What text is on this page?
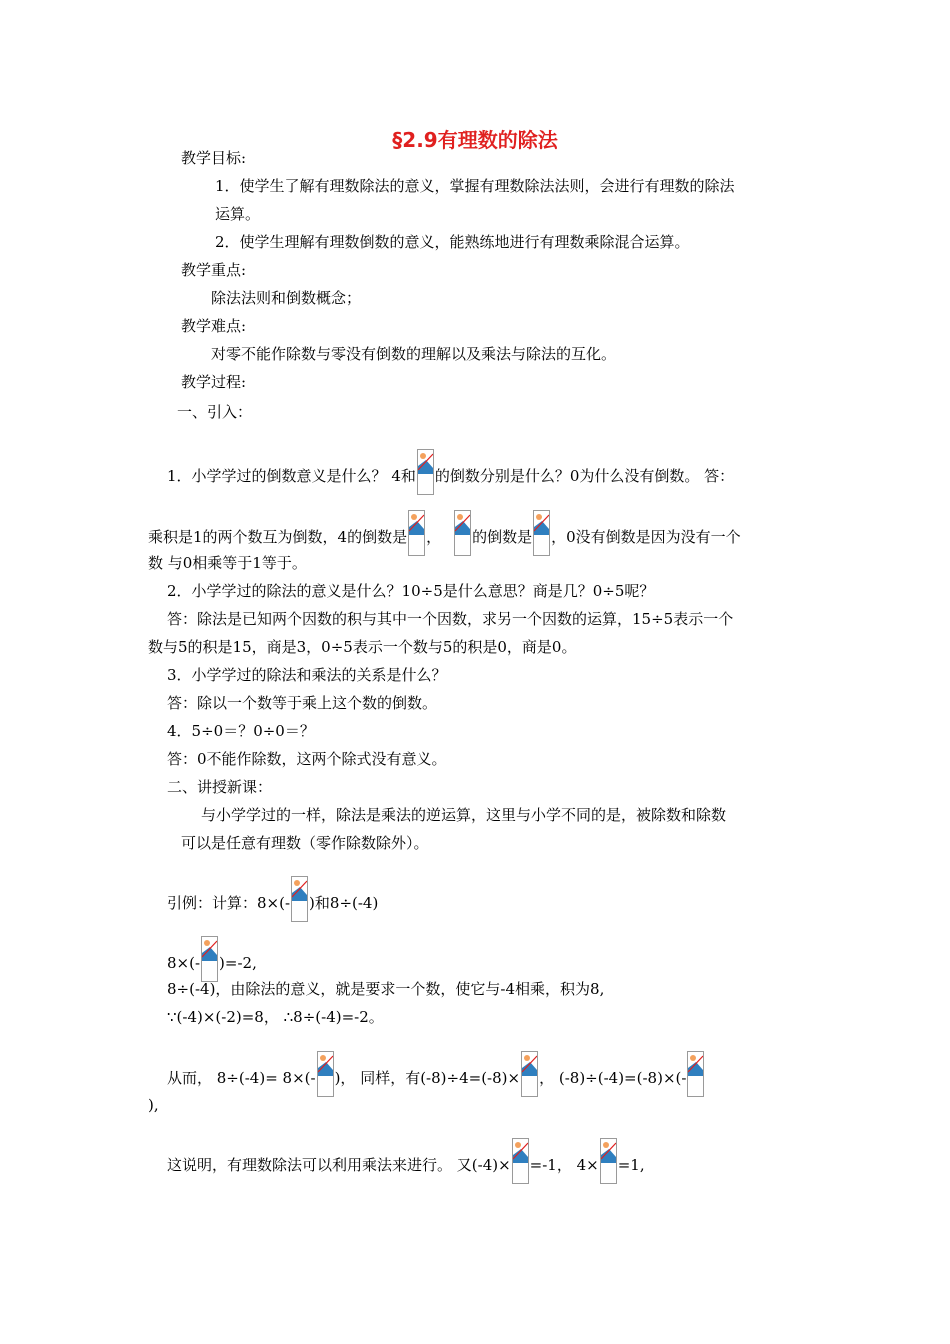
§2.9有理数的除法
教学目标:
1．使学生了解有理数除法的意义，掌握有理数除法法则，会进行有理数的除法
运算。
2．使学生理解有理数倒数的意义，能熟练地进行有理数乘除混合运算。
教学重点:
除法法则和倒数概念；
教学难点:
对零不能作除数与零没有倒数的理解以及乘法与除法的互化。
教学过程:
一、引入：
1．小学学过的倒数意义是什么？ 4和 的倒数分别是什么？0为什么没有倒数。 答：
乘积是1的两个数互为倒数，4的倒数是 ， 的倒数是 ，0没有倒数是因为没有一个
数 与0相乘等于1等于。
2．小学学过的除法的意义是什么？10÷5是什么意思？商是几？0÷5呢？
答：除法是已知两个因数的积与其中一个因数，求另一个因数的运算，15÷5表示一个
数与5的积是15，商是3，0÷5表示一个数与5的积是0，商是0。
3．小学学过的除法和乘法的关系是什么？
答：除以一个数等于乘上这个数的倒数。
4．5÷0＝？0÷0＝？
答：0不能作除数，这两个除式没有意义。
二、讲授新课：
与小学学过的一样，除法是乘法的逆运算，这里与小学不同的是，被除数和除数
可以是任意有理数（零作除数除外）。
引例：计算：8×(- )和8÷(-4)
8×(- )=-2,
8÷(-4)，由除法的意义，就是要求一个数，使它与-4相乘，积为8,
∵(-4)×(-2)=8， ∴8÷(-4)=-2。
从而， 8÷(-4)= 8×(- )， 同样，有(-8)÷4=(-8)× ， (-8)÷(-4)=(-8)×(-
),
这说明，有理数除法可以利用乘法来进行。 又(-4)× =-1， 4× =1,
